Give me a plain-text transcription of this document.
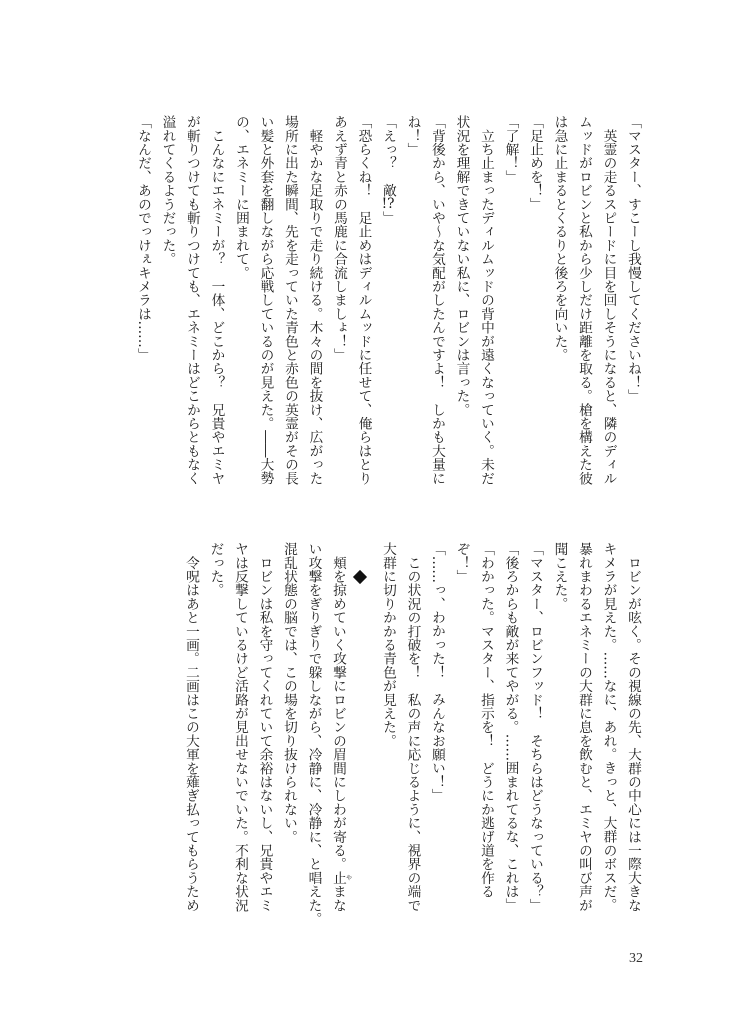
「マスター、すこーし我慢してくださいね！」
　英霊の走るスピードに目を回しそうになると、隣のディル
ムッドがロビンと私から少しだけ距離を取る。槍を構えた彼
は急に止まるとくるりと後ろを向いた。
「足止めを！」
「了解！」
　立ち止まったディルムッドの背中が遠くなっていく。未だ
状況を理解できていない私に、ロビンは言った。
「背後から、いや～な気配がしたんですよ！　しかも大量に
ね！」
「えっ？　敵!?」
「恐らくね！　足止めはディルムッドに任せて、俺らはとり
あえず青と赤の馬鹿に合流しましょ！」
　軽やかな足取りで走り続ける。木々の間を抜け、広がった
場所に出た瞬間、先を走っていた青色と赤色の英霊がその長
い髪と外套を翻しながら応戦しているのが見えた。――大勢
の、エネミーに囲まれて。
　こんなにエネミーが？　一体、どこから？　兄貴やエミヤ
が斬りつけても斬りつけても、エネミーはどこからともなく
溢れてくるようだった。
「なんだ、あのでっけぇキメラは……」
　ロビンが呟く。その視線の先、大群の中心には一際大きな
キメラが見えた。……なに、あれ。きっと、大群のボスだ。
暴れまわるエネミーの大群に息を飲むと、エミヤの叫び声が
聞こえた。
「マスター、ロビンフッド！　そちらはどうなっている？」
「後ろからも敵が来てやがる。……囲まれてるな、これは」
「わかった。マスター、指示を！　どうにか逃げ道を作る
ぞ！」
「……っ、わかった！　みんなお願い！」
　この状況の打破を！　私の声に応じるように、視界の端で
大群に切りかかる青色が見えた。
　頬を掠めていく攻撃にロビンの眉間にしわが寄る。止やまな
い攻撃をぎりぎりで躱しながら、冷静に、冷静に、と唱えた。
混乱状態の脳では、この場を切り抜けられない。
　ロビンは私を守ってくれていて余裕はないし、兄貴やエミ
ヤは反撃しているけど活路が見出せないでいた。不利な状況
だった。
　令呪はあと一画。二画はこの大軍を薙ぎ払ってもらうため
32
